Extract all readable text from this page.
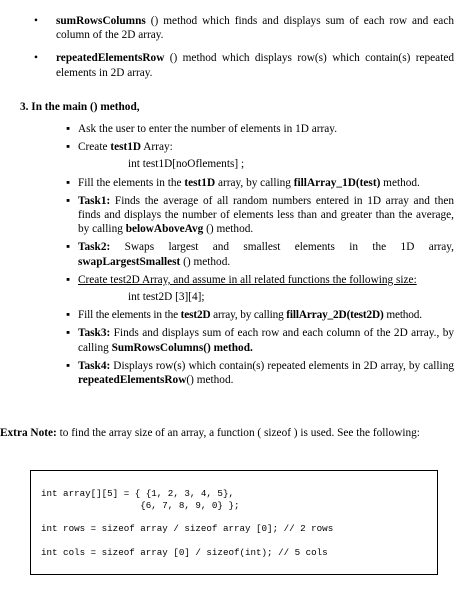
•	sumRowsColumns () method which finds and displays sum of each row and each column of the 2D array.
•	repeatedElementsRow () method which displays row(s) which contain(s) repeated elements in 2D array.
3. In the main () method,
▪ Ask the user to enter the number of elements in 1D array.
▪ Create test1D Array:
int test1D[noOflements] ;
▪ Fill the elements in the test1D array, by calling fillArray_1D(test) method.
▪ Task1: Finds the average of all random numbers entered in 1D array and then finds and displays the number of elements less than and greater than the average, by calling belowAboveAvg () method.
▪ Task2: Swaps largest and smallest elements in the 1D array, swapLargestSmallest () method.
▪ Create test2D Array, and assume in all related functions the following size:
int test2D [3][4];
▪ Fill the elements in the test2D array, by calling fillArray_2D(test2D) method.
▪ Task3: Finds and displays sum of each row and each column of the 2D array., by calling SumRowsColumns() method.
▪ Task4: Displays row(s) which contain(s) repeated elements in 2D array, by calling repeatedElementsRow() method.
Extra Note: to find the array size of an array, a function ( sizeof ) is used. See the following:
int array[][5] = { {1, 2, 3, 4, 5},
{6, 7, 8, 9, 0} };
int rows = sizeof array / sizeof array [0]; // 2 rows
int cols = sizeof array [0] / sizeof(int); // 5 cols
